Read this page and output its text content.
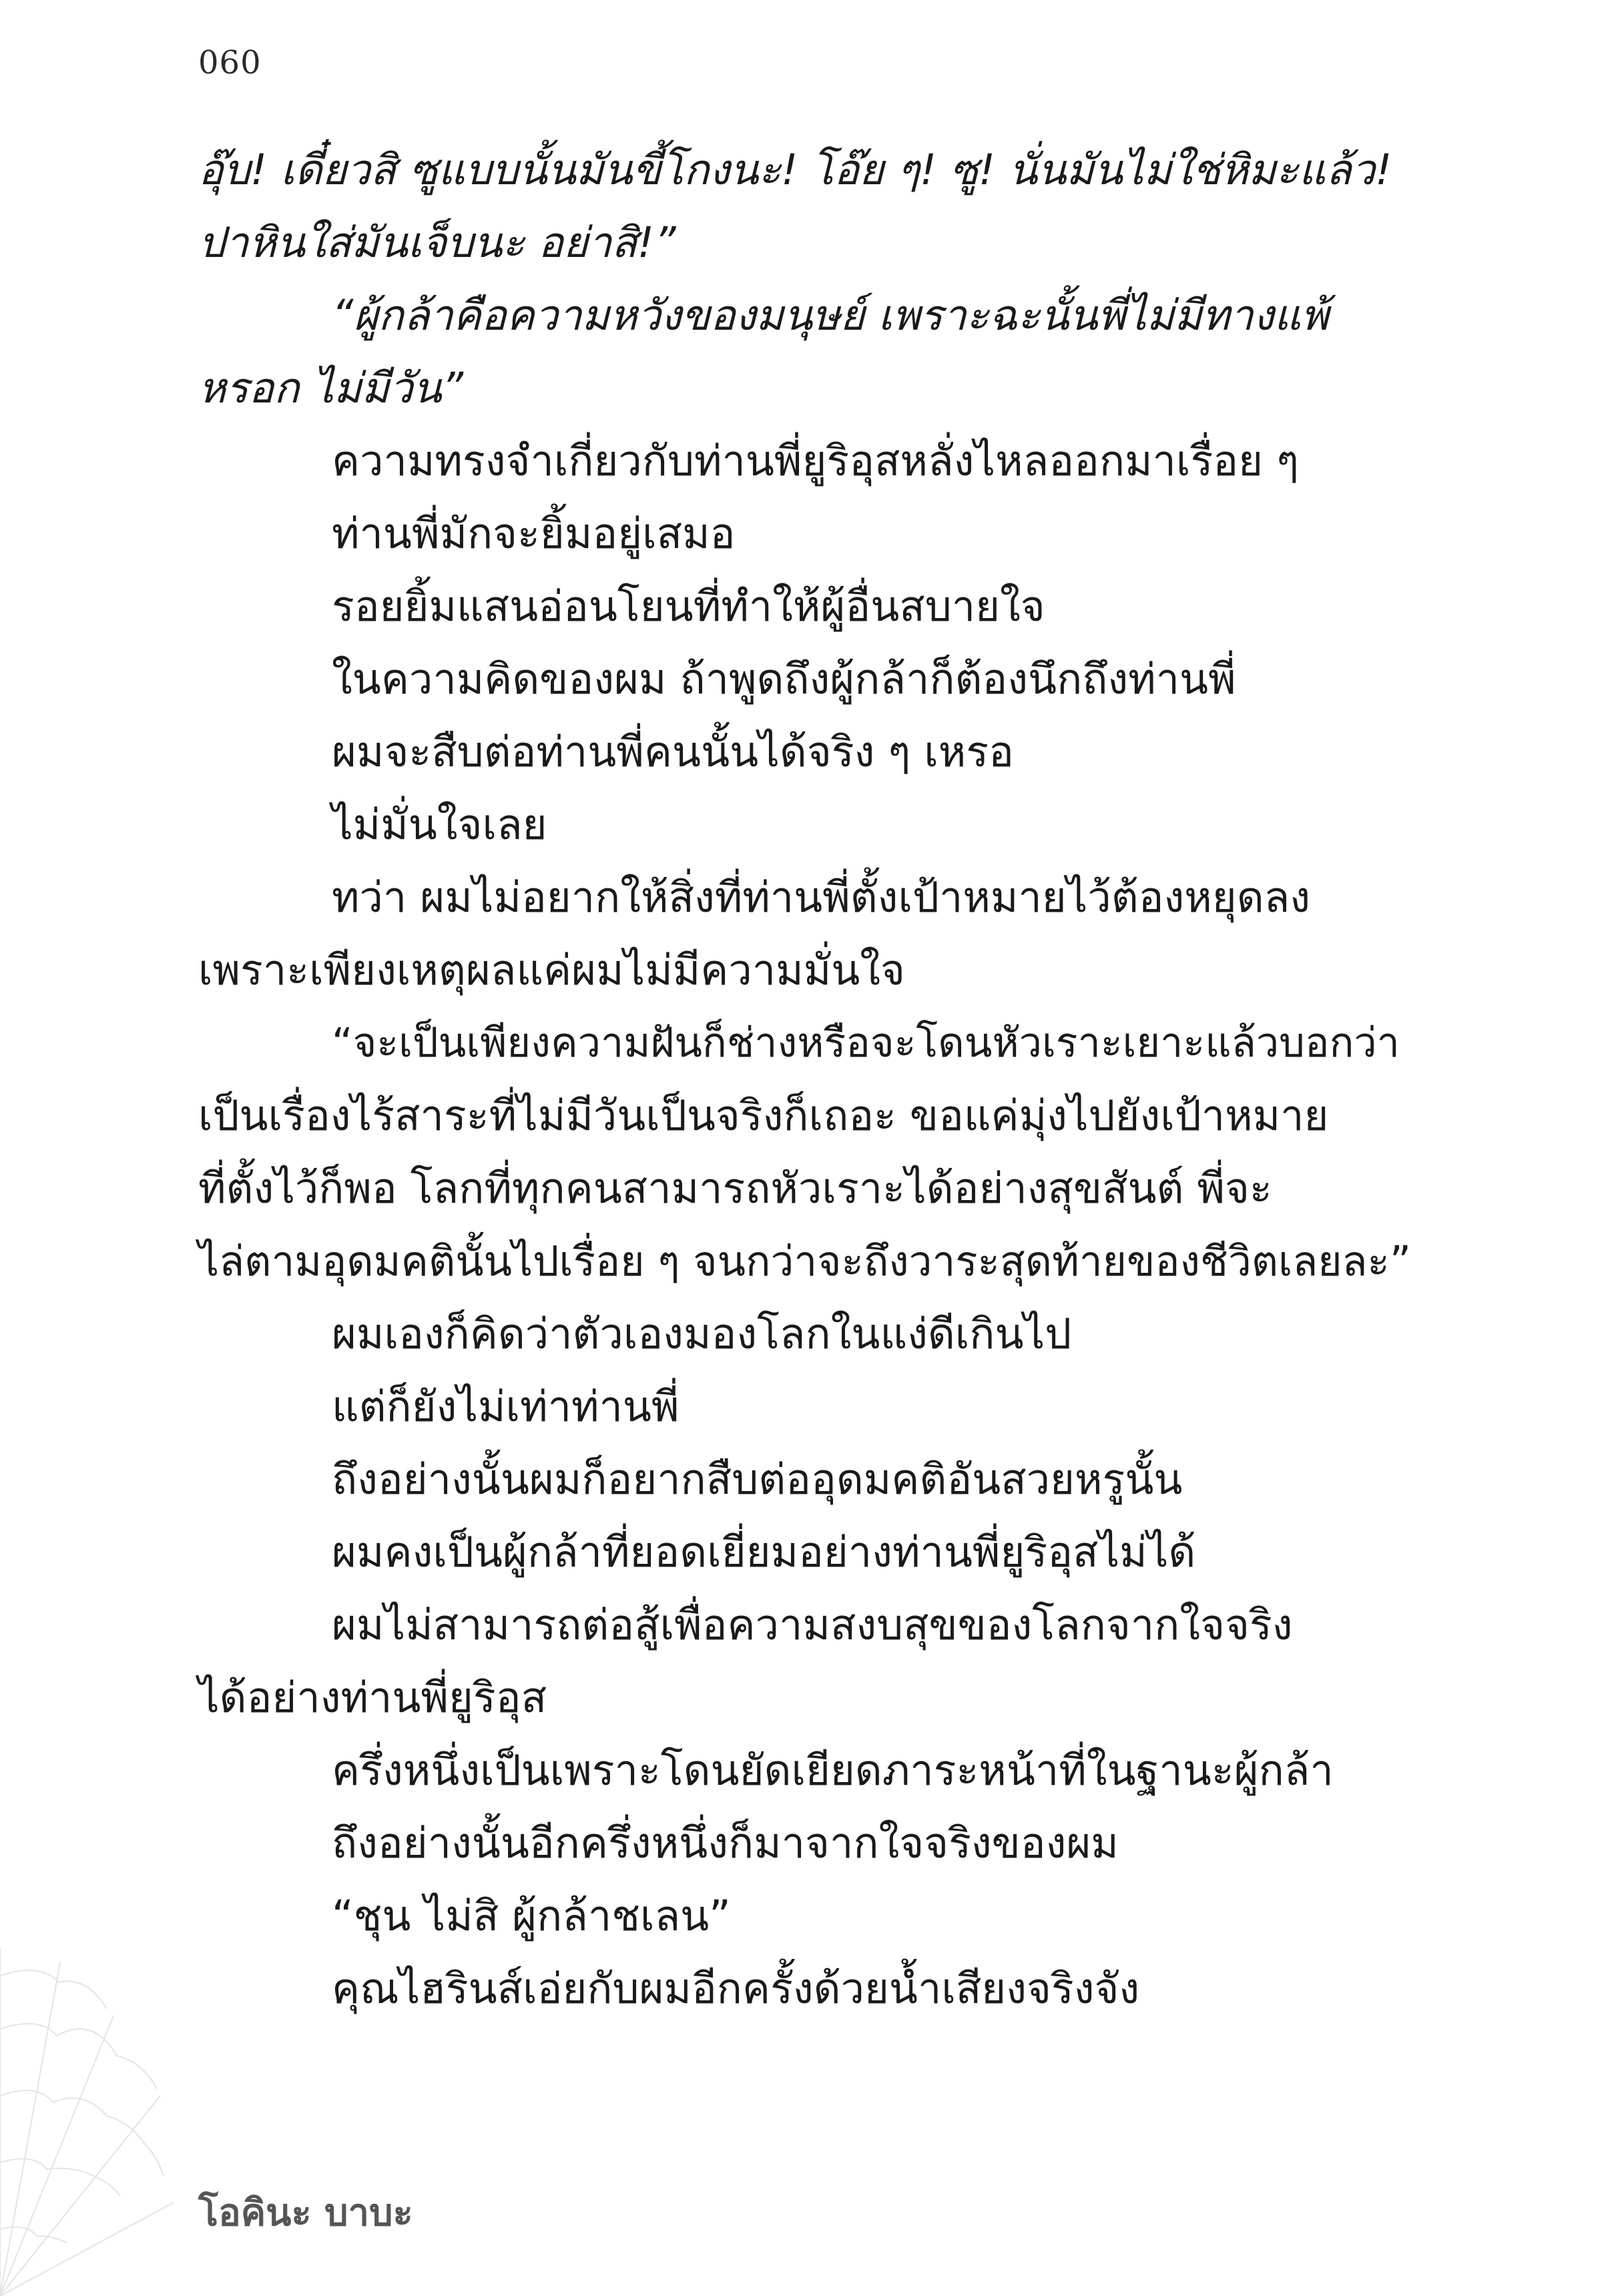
060

อุ๊บ! เดี๋ยวสิ ซูแบบนั้นมันขี้โกงนะ! โอ๊ย ๆ! ซู! นั่นมันไม่ใช่หิมะแล้ว!

ปาหินใส่มันเจ็บนะ อย่าสิ!”

“ผู้กล้าคือความหวังของมนุษย์ เพราะฉะนั้นพี่ไม่มีทางแพ้

หรอก ไม่มีวัน”

ความทรงจำเกี่ยวกับท่านพี่ยูริอุสหลั่งไหลออกมาเรื่อย ๆ

ท่านพี่มักจะยิ้มอยู่เสมอ

รอยยิ้มแสนอ่อนโยนที่ทำให้ผู้อื่นสบายใจ

ในความคิดของผม ถ้าพูดถึงผู้กล้าก็ต้องนึกถึงท่านพี่

ผมจะสืบต่อท่านพี่คนนั้นได้จริง ๆ เหรอ

ไม่มั่นใจเลย

ทว่า ผมไม่อยากให้สิ่งที่ท่านพี่ตั้งเป้าหมายไว้ต้องหยุดลง

เพราะเพียงเหตุผลแค่ผมไม่มีความมั่นใจ

“จะเป็นเพียงความฝันก็ช่างหรือจะโดนหัวเราะเยาะแล้วบอกว่า

เป็นเรื่องไร้สาระที่ไม่มีวันเป็นจริงก็เถอะ ขอแค่มุ่งไปยังเป้าหมาย

ที่ตั้งไว้ก็พอ โลกที่ทุกคนสามารถหัวเราะได้อย่างสุขสันต์ พี่จะ

ไล่ตามอุดมคตินั้นไปเรื่อย ๆ จนกว่าจะถึงวาระสุดท้ายของชีวิตเลยละ”

ผมเองก็คิดว่าตัวเองมองโลกในแง่ดีเกินไป

แต่ก็ยังไม่เท่าท่านพี่

ถึงอย่างนั้นผมก็อยากสืบต่ออุดมคติอันสวยหรูนั้น

ผมคงเป็นผู้กล้าที่ยอดเยี่ยมอย่างท่านพี่ยูริอุสไม่ได้

ผมไม่สามารถต่อสู้เพื่อความสงบสุขของโลกจากใจจริง

ได้อย่างท่านพี่ยูริอุส

ครึ่งหนึ่งเป็นเพราะโดนยัดเยียดภาระหน้าที่ในฐานะผู้กล้า

ถึงอย่างนั้นอีกครึ่งหนึ่งก็มาจากใจจริงของผม

“ชุน ไม่สิ ผู้กล้าชเลน”

คุณไฮรินส์เอ่ยกับผมอีกครั้งด้วยน้ำเสียงจริงจัง

โอคินะ บาบะ
